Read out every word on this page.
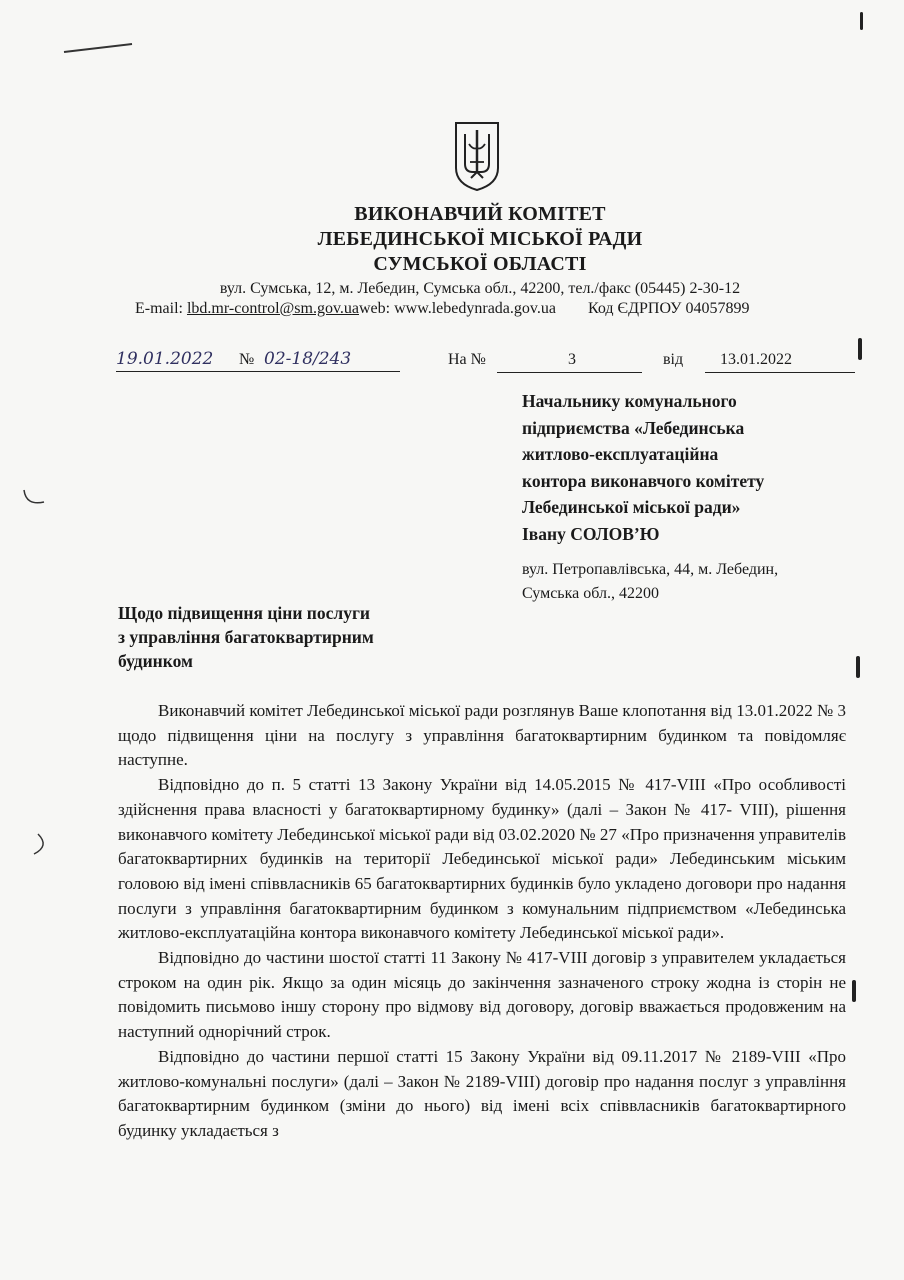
ВИКОНАВЧИЙ КОМІТЕТ
ЛЕБЕДИНСЬКОЇ МІСЬКОЇ РАДИ
СУМСЬКОЇ ОБЛАСТІ
вул. Сумська, 12, м. Лебедин, Сумська обл., 42200, тел./факс (05445) 2-30-12
E-mail: lbd.mr-control@sm.gov.uaweb: www.lebedynrada.gov.ua Код ЄДРПОУ 04057899
19.01.2022 № 02-18/243	На №	3	від 13.01.2022
Начальнику комунального
підприємства «Лебединська
житлово-експлуатаційна
контора виконавчого комітету
Лебединської міської ради»
Івану СОЛОВ’Ю
вул. Петропавлівська, 44, м. Лебедин,
Сумська обл., 42200
Щодо підвищення ціни послуги
з управління багатоквартирним
будинком

Виконавчий комітет Лебединської міської ради розглянув Ваше клопотання від 13.01.2022 № 3 щодо підвищення ціни на послугу з управління багатоквартирним будинком та повідомляє наступне.

Відповідно до п. 5 статті 13 Закону України від 14.05.2015 № 417-VIII «Про особливості здійснення права власності у багатоквартирному будинку» (далі – Закон № 417- VIII), рішення виконавчого комітету Лебединської міської ради від 03.02.2020 № 27 «Про призначення управителів багатоквартирних будинків на території Лебединської міської ради» Лебединським міським головою від імені співвласників 65 багатоквартирних будинків було укладено договори про надання послуги з управління багатоквартирним будинком з комунальним підприємством «Лебединська житлово-експлуатаційна контора виконавчого комітету Лебединської міської ради».

Відповідно до частини шостої статті 11 Закону № 417-VIII договір з управителем укладається строком на один рік. Якщо за один місяць до закінчення зазначеного строку жодна із сторін не повідомить письмово іншу сторону про відмову від договору, договір вважається продовженим на наступний однорічний строк.

Відповідно до частини першої статті 15 Закону України від 09.11.2017 № 2189-VIII «Про житлово-комунальні послуги» (далі – Закон № 2189-VIII) договір про надання послуг з управління багатоквартирним будинком (зміни до нього) від імені всіх співвласників багатоквартирного будинку укладається з
